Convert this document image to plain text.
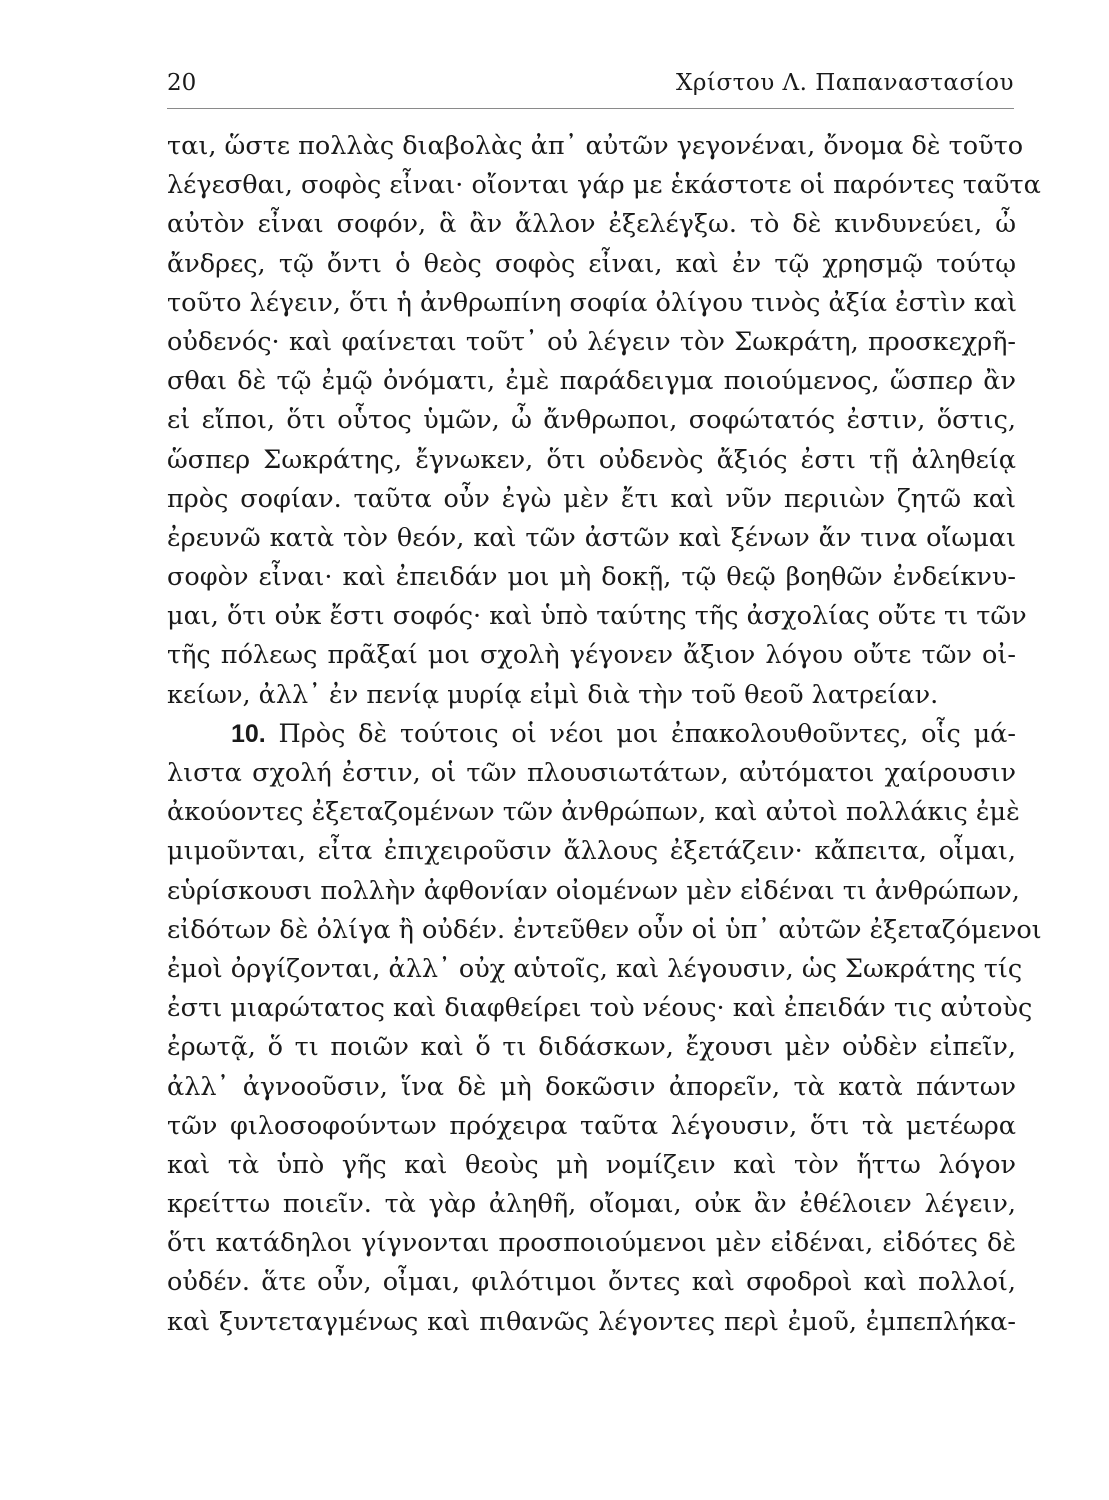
20	Χρίστου Λ. Παπαναστασίου
ται, ὥστε πολλὰς διαβολὰς ἀπ᾽ αὐτῶν γεγονέναι, ὄνομα δὲ τοῦτο
λέγεσθαι, σοφὸς εἶναι· οἴονται γάρ με ἑκάστοτε οἱ παρόντες ταῦτα
αὐτὸν εἶναι σοφόν, ἃ ἂν ἄλλον ἐξελέγξω. τὸ δὲ κινδυνεύει, ὦ
ἄνδρες, τῷ ὄντι ὁ θεὸς σοφὸς εἶναι, καὶ ἐν τῷ χρησμῷ τούτῳ
τοῦτο λέγειν, ὅτι ἡ ἀνθρωπίνη σοφία ὀλίγου τινὸς ἀξία ἐστὶν καὶ
οὐδενός· καὶ φαίνεται τοῦτ᾽ οὐ λέγειν τὸν Σωκράτη, προσκεχρῆ-
σθαι δὲ τῷ ἐμῷ ὀνόματι, ἐμὲ παράδειγμα ποιούμενος, ὥσπερ ἂν
εἰ εἴποι, ὅτι οὗτος ὑμῶν, ὦ ἄνθρωποι, σοφώτατός ἐστιν, ὅστις,
ὥσπερ Σωκράτης, ἔγνωκεν, ὅτι οὐδενὸς ἄξιός ἐστι τῇ ἀληθείᾳ
πρὸς σοφίαν. ταῦτα οὖν ἐγὼ μὲν ἔτι καὶ νῦν περιιὼν ζητῶ καὶ
ἐρευνῶ κατὰ τὸν θεόν, καὶ τῶν ἀστῶν καὶ ξένων ἄν τινα οἴωμαι
σοφὸν εἶναι· καὶ ἐπειδάν μοι μὴ δοκῇ, τῷ θεῷ βοηθῶν ἐνδείκνυ-
μαι, ὅτι οὐκ ἔστι σοφός· καὶ ὑπὸ ταύτης τῆς ἀσχολίας οὔτε τι τῶν
τῆς πόλεως πρᾶξαί μοι σχολὴ γέγονεν ἄξιον λόγου οὔτε τῶν οἰ-
κείων, ἀλλ᾽ ἐν πενίᾳ μυρίᾳ εἰμὶ διὰ τὴν τοῦ θεοῦ λατρείαν.
10. Πρὸς δὲ τούτοις οἱ νέοι μοι ἐπακολουθοῦντες, οἷς μά-
λιστα σχολή ἐστιν, οἱ τῶν πλουσιωτάτων, αὐτόματοι χαίρουσιν
ἀκούοντες ἐξεταζομένων τῶν ἀνθρώπων, καὶ αὐτοὶ πολλάκις ἐμὲ
μιμοῦνται, εἶτα ἐπιχειροῦσιν ἄλλους ἐξετάζειν· κἄπειτα, οἶμαι,
εὑρίσκουσι πολλὴν ἀφθονίαν οἰομένων μὲν εἰδέναι τι ἀνθρώπων,
εἰδότων δὲ ὀλίγα ἢ οὐδέν. ἐντεῦθεν οὖν οἱ ὑπ᾽ αὐτῶν ἐξεταζόμενοι
ἐμοὶ ὀργίζονται, ἀλλ᾽ οὐχ αὑτοῖς, καὶ λέγουσιν, ὡς Σωκράτης τίς
ἐστι μιαρώτατος καὶ διαφθείρει τοὺ νέους· καὶ ἐπειδάν τις αὐτοὺς
ἐρωτᾷ, ὅ τι ποιῶν καὶ ὅ τι διδάσκων, ἔχουσι μὲν οὐδὲν εἰπεῖν,
ἀλλ᾽ ἀγνοοῦσιν, ἵνα δὲ μὴ δοκῶσιν ἀπορεῖν, τὰ κατὰ πάντων
τῶν φιλοσοφούντων πρόχειρα ταῦτα λέγουσιν, ὅτι τὰ μετέωρα
καὶ τὰ ὑπὸ γῆς καὶ θεοὺς μὴ νομίζειν καὶ τὸν ἥττω λόγον
κρείττω ποιεῖν. τὰ γὰρ ἀληθῆ, οἴομαι, οὐκ ἂν ἐθέλοιεν λέγειν,
ὅτι κατάδηλοι γίγνονται προσποιούμενοι μὲν εἰδέναι, εἰδότες δὲ
οὐδέν. ἅτε οὖν, οἶμαι, φιλότιμοι ὄντες καὶ σφοδροὶ καὶ πολλοί,
καὶ ξυντεταγμένως καὶ πιθανῶς λέγοντες περὶ ἐμοῦ, ἐμπεπλήκα-
